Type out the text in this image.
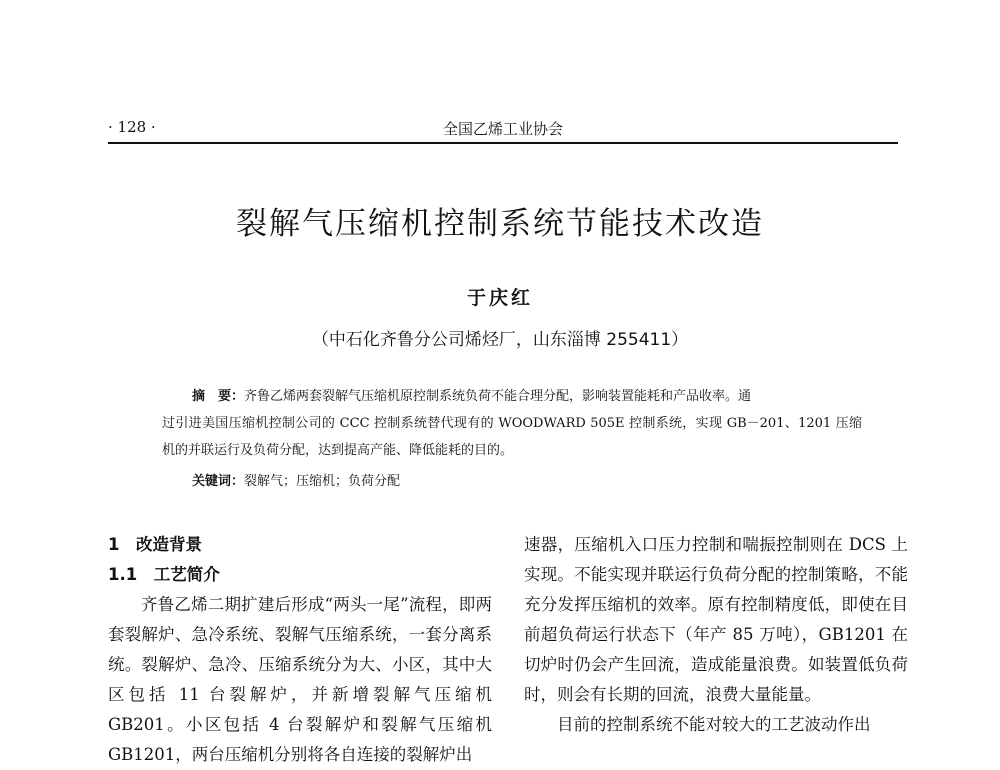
· 128 ·	全国乙烯工业协会
裂解气压缩机控制系统节能技术改造
于庆红
（中石化齐鲁分公司烯烃厂，山东淄博 255411）
摘　要：齐鲁乙烯两套裂解气压缩机原控制系统负荷不能合理分配，影响装置能耗和产品收率。通
过引进美国压缩机控制公司的 CCC 控制系统替代现有的 WOODWARD 505E 控制系统，实现 GB－201、1201 压缩机的并联运行及负荷分配，达到提高产能、降低能耗的目的。
关键词：裂解气；压缩机；负荷分配
1　改造背景
1.1　工艺简介
齐鲁乙烯二期扩建后形成“两头一尾”流程，即两套裂解炉、急冷系统、裂解气压缩系统，一套分离系统。裂解炉、急冷、压缩系统分为大、小区，其中大区包括 11 台裂解炉，并新增裂解气压缩机 GB201。小区包括 4 台裂解炉和裂解气压缩机 GB1201，两台压缩机分别将各自连接的裂解炉出
速器，压缩机入口压力控制和喘振控制则在 DCS 上实现。不能实现并联运行负荷分配的控制策略，不能充分发挥压缩机的效率。原有控制精度低，即使在目前超负荷运行状态下（年产 85 万吨），GB1201 在切炉时仍会产生回流，造成能量浪费。如装置低负荷时，则会有长期的回流，浪费大量能量。
目前的控制系统不能对较大的工艺波动作出
